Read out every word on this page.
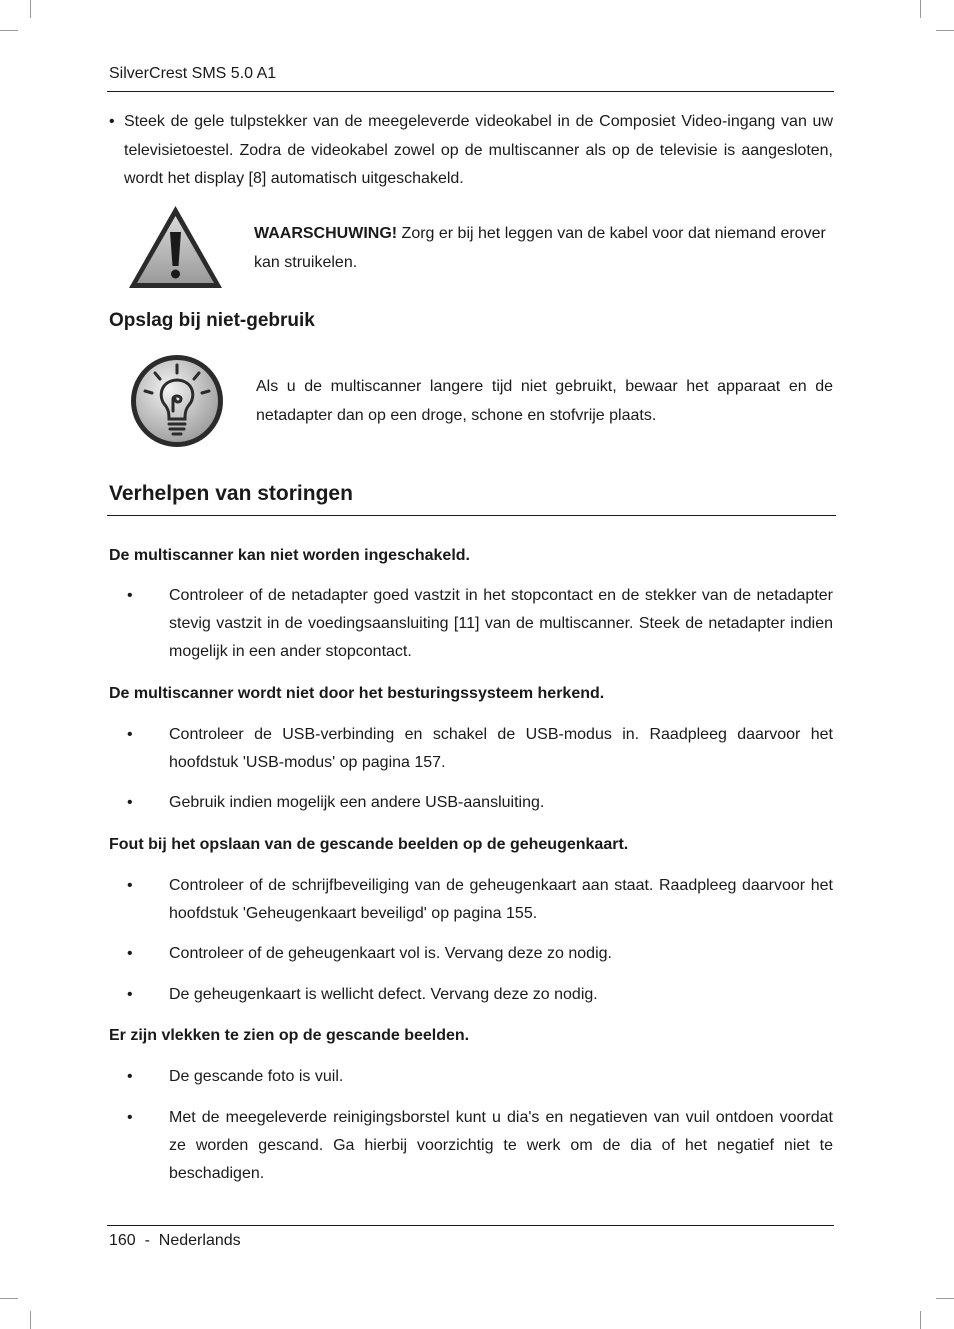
SilverCrest SMS 5.0 A1
• Steek de gele tulpstekker van de meegeleverde videokabel in de Composiet Video-ingang van uw televisietoestel. Zodra de videokabel zowel op de multiscanner als op de televisie is aangesloten, wordt het display [8] automatisch uitgeschakeld.
WAARSCHUWING! Zorg er bij het leggen van de kabel voor dat niemand erover kan struikelen.
Opslag bij niet-gebruik
Als u de multiscanner langere tijd niet gebruikt, bewaar het apparaat en de netadapter dan op een droge, schone en stofvrije plaats.
Verhelpen van storingen
De multiscanner kan niet worden ingeschakeld.
•	Controleer of de netadapter goed vastzit in het stopcontact en de stekker van de netadapter stevig vastzit in de voedingsaansluiting [11] van de multiscanner. Steek de netadapter indien mogelijk in een ander stopcontact.
De multiscanner wordt niet door het besturingssysteem herkend.
•	Controleer de USB-verbinding en schakel de USB-modus in. Raadpleeg daarvoor het hoofdstuk 'USB-modus' op pagina 157.
•	Gebruik indien mogelijk een andere USB-aansluiting.
Fout bij het opslaan van de gescande beelden op de geheugenkaart.
•	Controleer of de schrijfbeveiliging van de geheugenkaart aan staat. Raadpleeg daarvoor het hoofdstuk 'Geheugenkaart beveiligd' op pagina 155.
•	Controleer of de geheugenkaart vol is. Vervang deze zo nodig.
•	De geheugenkaart is wellicht defect. Vervang deze zo nodig.
Er zijn vlekken te zien op de gescande beelden.
•	De gescande foto is vuil.
•	Met de meegeleverde reinigingsborstel kunt u dia's en negatieven van vuil ontdoen voordat ze worden gescand. Ga hierbij voorzichtig te werk om de dia of het negatief niet te beschadigen.
160  -  Nederlands
